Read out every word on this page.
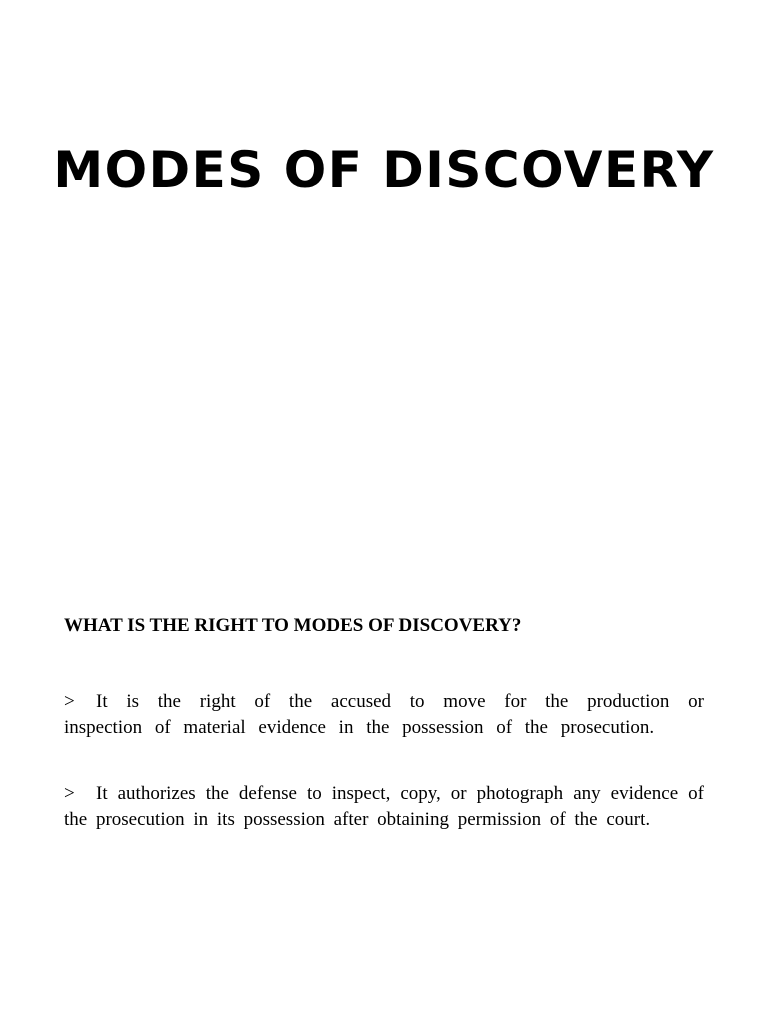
MODES OF DISCOVERY
WHAT IS THE RIGHT TO MODES OF DISCOVERY?

> It is the right of the accused to move for the production or inspection of material evidence in the possession of the prosecution.

> It authorizes the defense to inspect, copy, or photograph any evidence of the prosecution in its possession after obtaining permission of the court.
